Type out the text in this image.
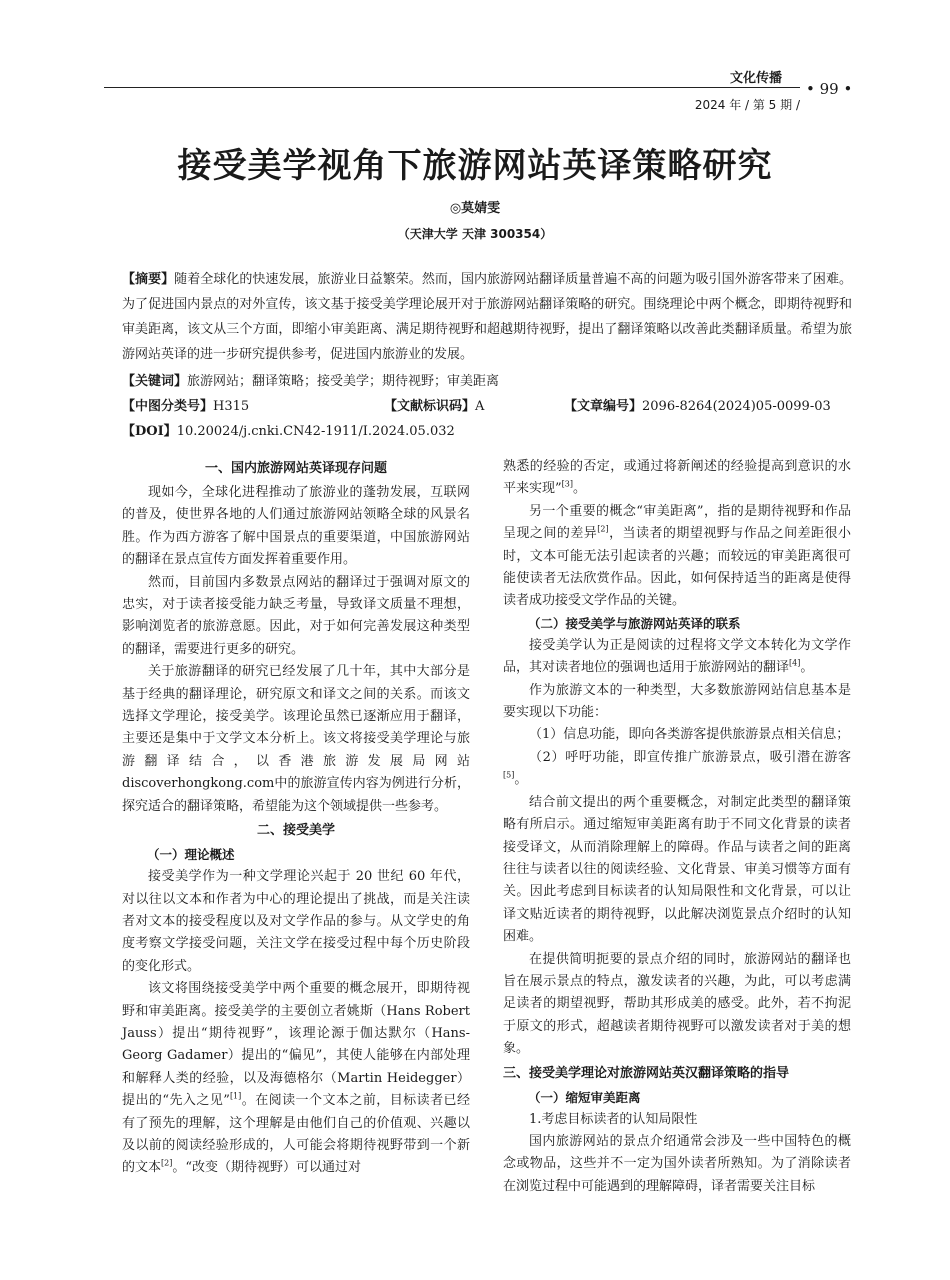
文化传播
• 99 •
2024 年 / 第 5 期 /
接受美学视角下旅游网站英译策略研究
◎莫婧雯
（天津大学 天津 300354）
【摘要】随着全球化的快速发展，旅游业日益繁荣。然而，国内旅游网站翻译质量普遍不高的问题为吸引国外游客带来了困难。为了促进国内景点的对外宣传，该文基于接受美学理论展开对于旅游网站翻译策略的研究。围绕理论中两个概念，即期待视野和审美距离，该文从三个方面，即缩小审美距离、满足期待视野和超越期待视野，提出了翻译策略以改善此类翻译质量。希望为旅游网站英译的进一步研究提供参考，促进国内旅游业的发展。
【关键词】旅游网站；翻译策略；接受美学；期待视野；审美距离
【中图分类号】H315	【文献标识码】A	【文章编号】2096-8264(2024)05-0099-03
【DOI】10.20024/j.cnki.CN42-1911/I.2024.05.032
一、国内旅游网站英译现存问题

现如今，全球化进程推动了旅游业的蓬勃发展，互联网的普及，使世界各地的人们通过旅游网站领略全球的风景名胜。作为西方游客了解中国景点的重要渠道，中国旅游网站的翻译在景点宣传方面发挥着重要作用。

然而，目前国内多数景点网站的翻译过于强调对原文的忠实，对于读者接受能力缺乏考量，导致译文质量不理想，影响浏览者的旅游意愿。因此，对于如何完善发展这种类型的翻译，需要进行更多的研究。

关于旅游翻译的研究已经发展了几十年，其中大部分是基于经典的翻译理论，研究原文和译文之间的关系。而该文选择文学理论，接受美学。该理论虽然已逐渐应用于翻译，主要还是集中于文学文本分析上。该文将接受美学理论与旅游翻译结合，以香港旅游发展局网站discoverhongkong.com中的旅游宣传内容为例进行分析，探究适合的翻译策略，希望能为这个领域提供一些参考。

二、接受美学
（一）理论概述

接受美学作为一种文学理论兴起于 20 世纪 60 年代，对以往以文本和作者为中心的理论提出了挑战，而是关注读者对文本的接受程度以及对文学作品的参与。从文学史的角度考察文学接受问题，关注文学在接受过程中每个历史阶段的变化形式。

该文将围绕接受美学中两个重要的概念展开，即期待视野和审美距离。接受美学的主要创立者姚斯（Hans Robert Jauss）提出“期待视野”，该理论源于伽达默尔（Hans-Georg Gadamer）提出的“偏见”，其使人能够在内部处理和解释人类的经验，以及海德格尔（Martin Heidegger）提出的“先入之见”[1]。在阅读一个文本之前，目标读者已经有了预先的理解，这个理解是由他们自己的价值观、兴趣以及以前的阅读经验形成的，人可能会将期待视野带到一个新的文本[2]。“改变（期待视野）可以通过对

熟悉的经验的否定，或通过将新阐述的经验提高到意识的水平来实现”[3]。

另一个重要的概念“审美距离”，指的是期待视野和作品呈现之间的差异[2]，当读者的期望视野与作品之间差距很小时，文本可能无法引起读者的兴趣；而较远的审美距离很可能使读者无法欣赏作品。因此，如何保持适当的距离是使得读者成功接受文学作品的关键。

（二）接受美学与旅游网站英译的联系

接受美学认为正是阅读的过程将文学文本转化为文学作品，其对读者地位的强调也适用于旅游网站的翻译[4]。

作为旅游文本的一种类型，大多数旅游网站信息基本是要实现以下功能：

（1）信息功能，即向各类游客提供旅游景点相关信息；

（2）呼吁功能，即宣传推广旅游景点，吸引潜在游客[5]。

结合前文提出的两个重要概念，对制定此类型的翻译策略有所启示。通过缩短审美距离有助于不同文化背景的读者接受译文，从而消除理解上的障碍。作品与读者之间的距离往往与读者以往的阅读经验、文化背景、审美习惯等方面有关。因此考虑到目标读者的认知局限性和文化背景，可以让译文贴近读者的期待视野，以此解决浏览景点介绍时的认知困难。

在提供简明扼要的景点介绍的同时，旅游网站的翻译也旨在展示景点的特点，激发读者的兴趣，为此，可以考虑满足读者的期望视野，帮助其形成美的感受。此外，若不拘泥于原文的形式，超越读者期待视野可以激发读者对于美的想象。

三、接受美学理论对旅游网站英汉翻译策略的指导
（一）缩短审美距离

1.考虑目标读者的认知局限性

国内旅游网站的景点介绍通常会涉及一些中国特色的概念或物品，这些并不一定为国外读者所熟知。为了消除读者在浏览过程中可能遇到的理解障碍，译者需要关注目标
